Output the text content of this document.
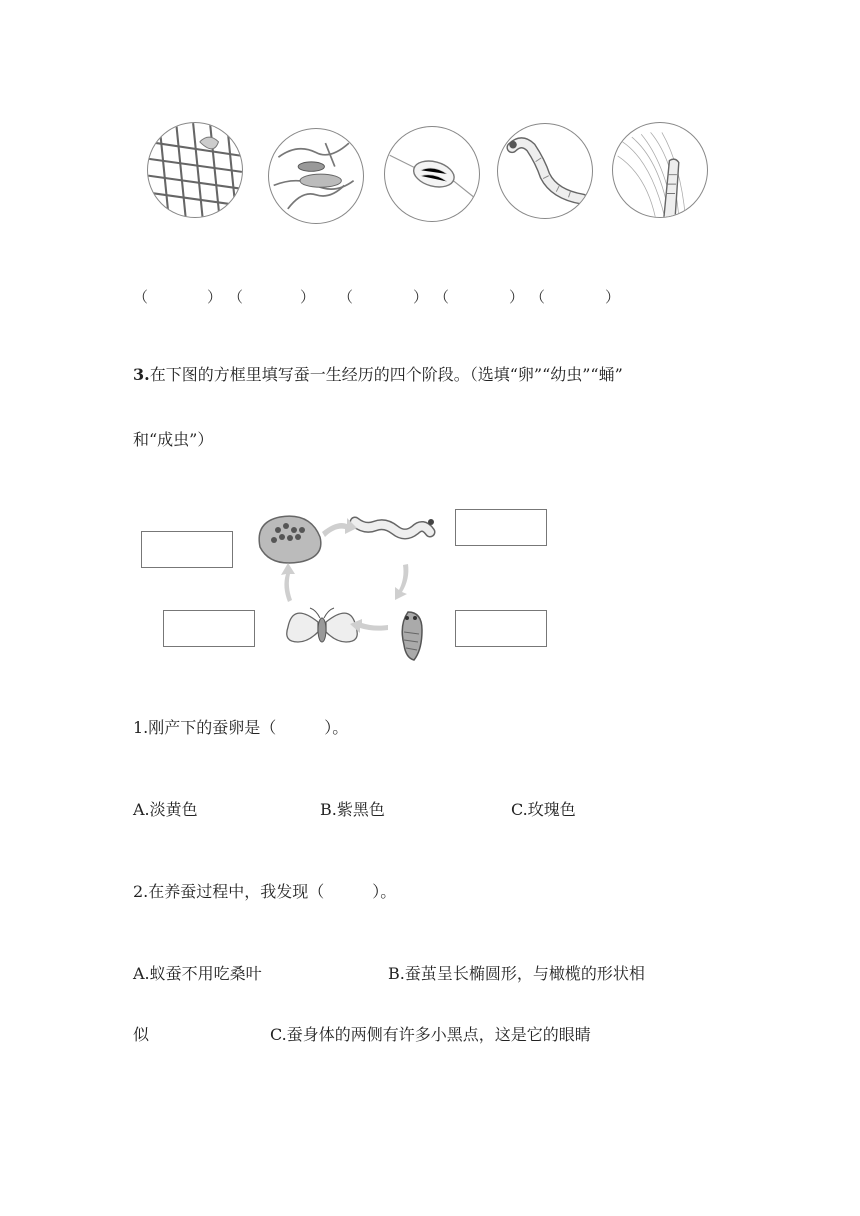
（	） （	） （	） （	） （	）
3.在下图的方框里填写蚕一生经历的四个阶段。（选填“卵”“幼虫”“蛹”
和“成虫”）
1.刚产下的蚕卵是（　　　）。
A.淡黄色	B.紫黑色	C.玫瑰色
2.在养蚕过程中，我发现（　　　）。
A.蚁蚕不用吃桑叶	B.蚕茧呈长椭圆形，与橄榄的形状相
似	C.蚕身体的两侧有许多小黑点，这是它的眼睛
